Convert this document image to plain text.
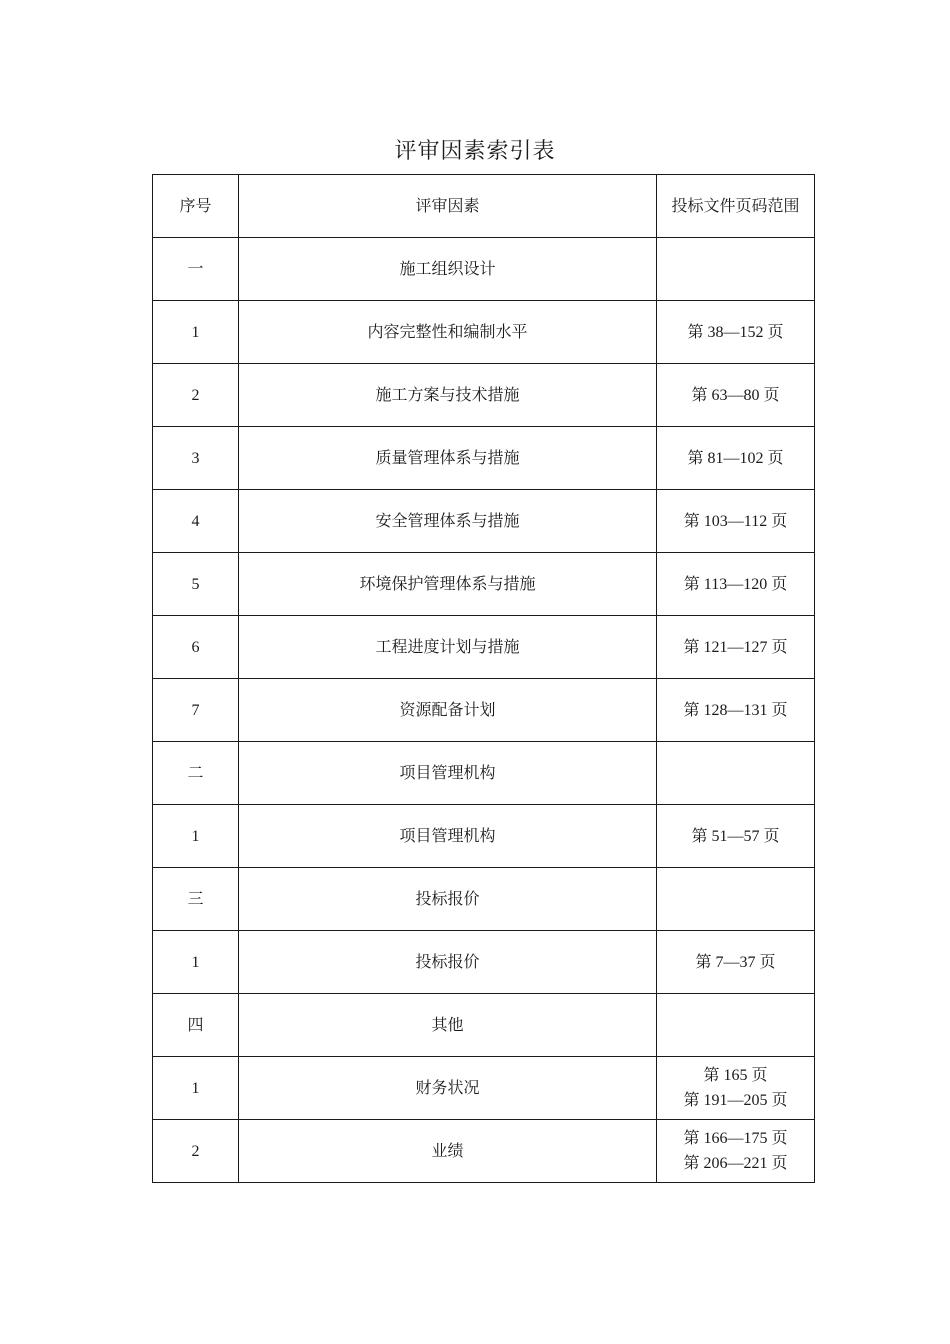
评审因素索引表
序号	评审因素	投标文件页码范围
一	施工组织设计	
1	内容完整性和编制水平	第 38—152 页

2	施工方案与技术措施	第 63—80 页

3	质量管理体系与措施	第 81—102 页

4	安全管理体系与措施	第 103—112 页

5	环境保护管理体系与措施	第 113—120 页

6	工程进度计划与措施	第 121—127 页

7	资源配备计划	第 128—131 页

二	项目管理机构	
1	项目管理机构	第 51—57 页

三	投标报价	
1	投标报价	第 7—37 页

四	其他	
1	财务状况	第 165 页
第 191—205 页

2	业绩	第 166—175 页
第 206—221 页
